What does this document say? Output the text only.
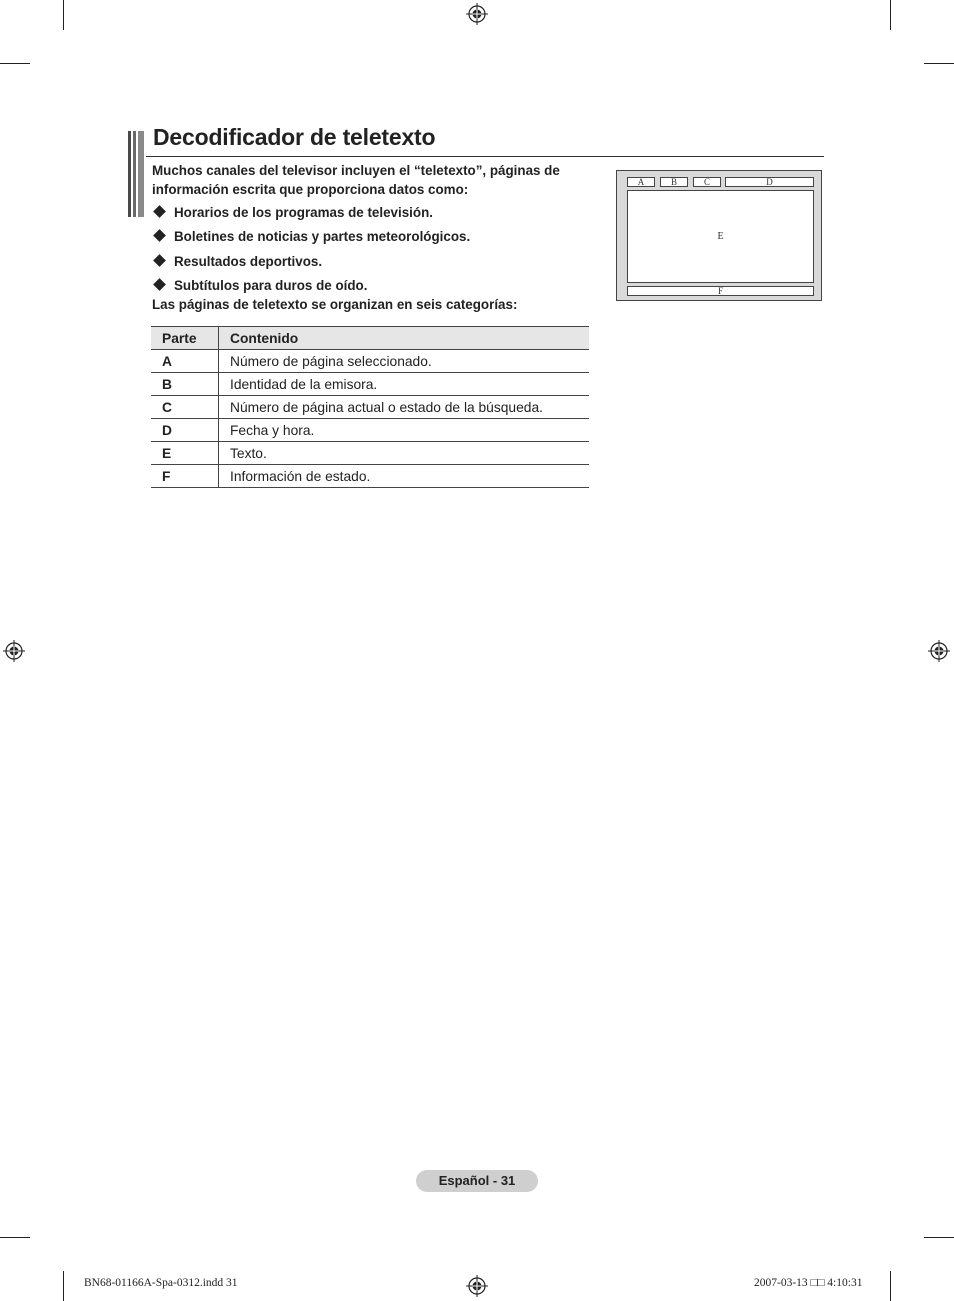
Decodificador de teletexto
Muchos canales del televisor incluyen el “teletexto”, páginas de información escrita que proporciona datos como:
Horarios de los programas de televisión.
Boletines de noticias y partes meteorológicos.
Resultados deportivos.
Subtítulos para duros de oído.
Las páginas de teletexto se organizan en seis categorías:
Parte	Contenido
A	Número de página seleccionado.
B	Identidad de la emisora.
C	Número de página actual o estado de la búsqueda.
D	Fecha y hora.
E	Texto.
F	Información de estado.
A	B	C	D
E
F
Español - 31
BN68-01166A-Spa-0312.indd 31	2007-03-13 □□ 4:10:31
